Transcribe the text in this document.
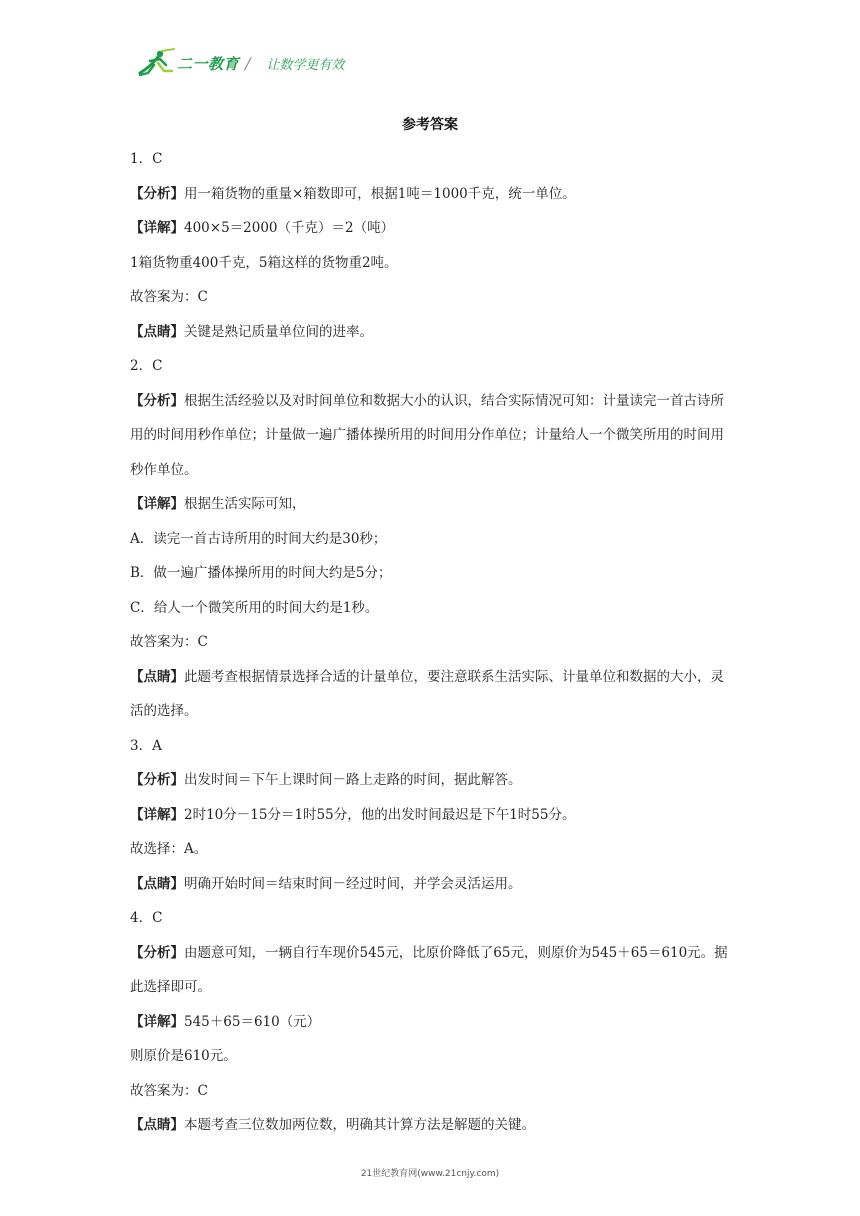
二一教育 / 让数学更有效
参考答案
1．C
【分析】用一箱货物的重量×箱数即可，根据1吨＝1000千克，统一单位。
【详解】400×5＝2000（千克）＝2（吨）
1箱货物重400千克，5箱这样的货物重2吨。
故答案为：C
【点睛】关键是熟记质量单位间的进率。
2．C
【分析】根据生活经验以及对时间单位和数据大小的认识，结合实际情况可知：计量读完一首古诗所用的时间用秒作单位；计量做一遍广播体操所用的时间用分作单位；计量给人一个微笑所用的时间用秒作单位。
【详解】根据生活实际可知，
A．读完一首古诗所用的时间大约是30秒；
B．做一遍广播体操所用的时间大约是5分；
C．给人一个微笑所用的时间大约是1秒。
故答案为：C
【点睛】此题考查根据情景选择合适的计量单位，要注意联系生活实际、计量单位和数据的大小，灵活的选择。
3．A
【分析】出发时间＝下午上课时间－路上走路的时间，据此解答。
【详解】2时10分－15分＝1时55分，他的出发时间最迟是下午1时55分。
故选择：A。
【点睛】明确开始时间＝结束时间－经过时间，并学会灵活运用。
4．C
【分析】由题意可知，一辆自行车现价545元，比原价降低了65元，则原价为545＋65＝610元。据此选择即可。
【详解】545＋65＝610（元）
则原价是610元。
故答案为：C
【点睛】本题考查三位数加两位数，明确其计算方法是解题的关键。
21世纪教育网(www.21cnjy.com)
